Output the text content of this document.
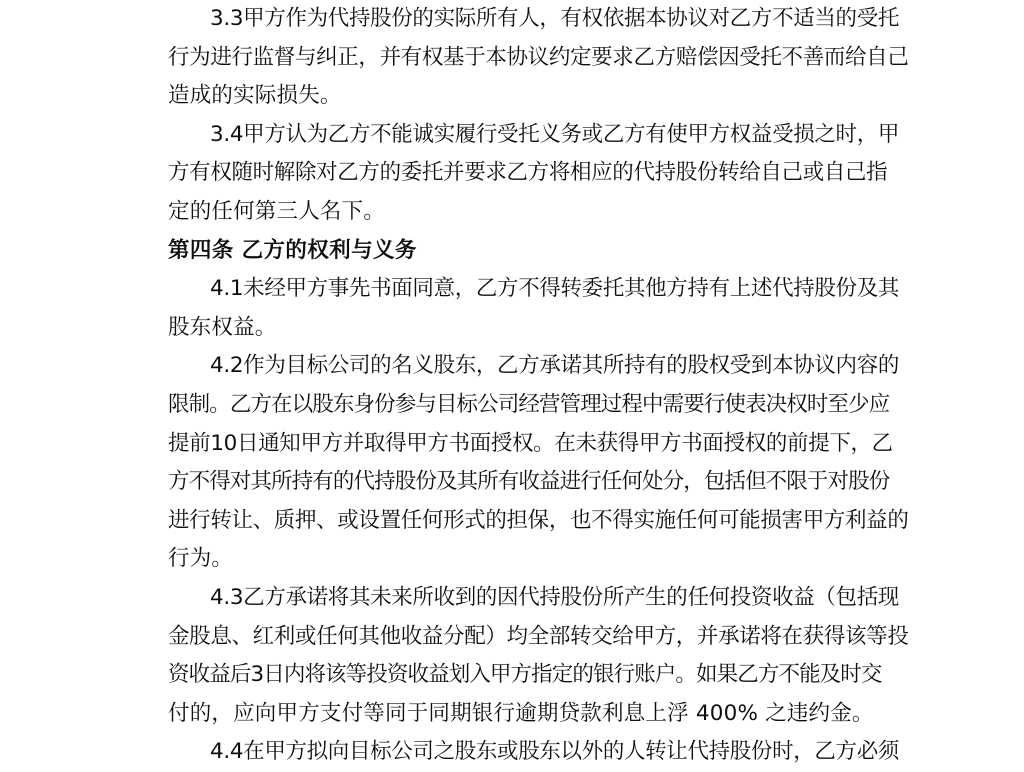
3.3 甲 方 作 为 代 持 股 份 的 实 际 所 有 人 ， 有 权 依 据 本 协 议 对 乙 方 不 适 当 的 受 托
行 为 进 行 监 督 与 纠 正 ， 并 有 权 基 于 本 协 议 约 定 要 求 乙 方 赔 偿 因 受 托 不 善 而 给 自 己
造成的实际损失。
3.4 甲 方 认 为 乙 方 不 能 诚 实 履 行 受 托 义 务 或 乙 方 有 使 甲 方 权 益 受 损 之 时 ， 甲
方 有 权 随 时 解 除 对 乙 方 的 委 托 并 要 求 乙 方 将 相 应 的 代 持 股 份 转 给 自 己 或 自 己 指
定的任何第三人名下。
第四条 乙方的权利与义务
4.1 未 经 甲 方 事 先 书 面 同 意 ， 乙 方 不 得 转 委 托 其 他 方 持 有 上 述 代 持 股 份 及 其
股东权益。
4.2 作 为 目 标 公 司 的 名 义 股 东 ， 乙 方 承 诺 其 所 持 有 的 股 权 受 到 本 协 议 内 容 的
限 制 。 乙 方 在 以 股 东 身 份 参 与 目 标 公 司 经 营 管 理 过 程 中 需 要 行 使 表 决 权 时 至 少 应
提 前 10 日 通 知 甲 方 并 取 得 甲 方 书 面 授 权 。 在 未 获 得 甲 方 书 面 授 权 的 前 提 下 ， 乙
方 不 得 对 其 所 持 有 的 代 持 股 份 及 其 所 有 收 益 进 行 任 何 处 分 ， 包 括 但 不 限 于 对 股 份
进 行 转 让 、 质 押 、 或 设 置 任 何 形 式 的 担 保 ， 也 不 得 实 施 任 何 可 能 损 害 甲 方 利 益 的
行为。
4.3 乙 方 承 诺 将 其 未 来 所 收 到 的 因 代 持 股 份 所 产 生 的 任 何 投 资 收 益 （ 包 括 现
金 股 息 、 红 利 或 任 何 其 他 收 益 分 配 ） 均 全 部 转 交 给 甲 方 ， 并 承 诺 将 在 获 得 该 等 投
资 收 益 后 3 日 内 将 该 等 投 资 收 益 划 入 甲 方 指 定 的 银 行 账 户 。 如 果 乙 方 不 能 及 时 交
付的，应向甲方支付等同于同期银行逾期贷款利息上浮 400% 之违约金。
4.4 在 甲 方 拟 向 目 标 公 司 之 股 东 或 股 东 以 外 的 人 转 让 代 持 股 份 时 ， 乙 方 必 须
